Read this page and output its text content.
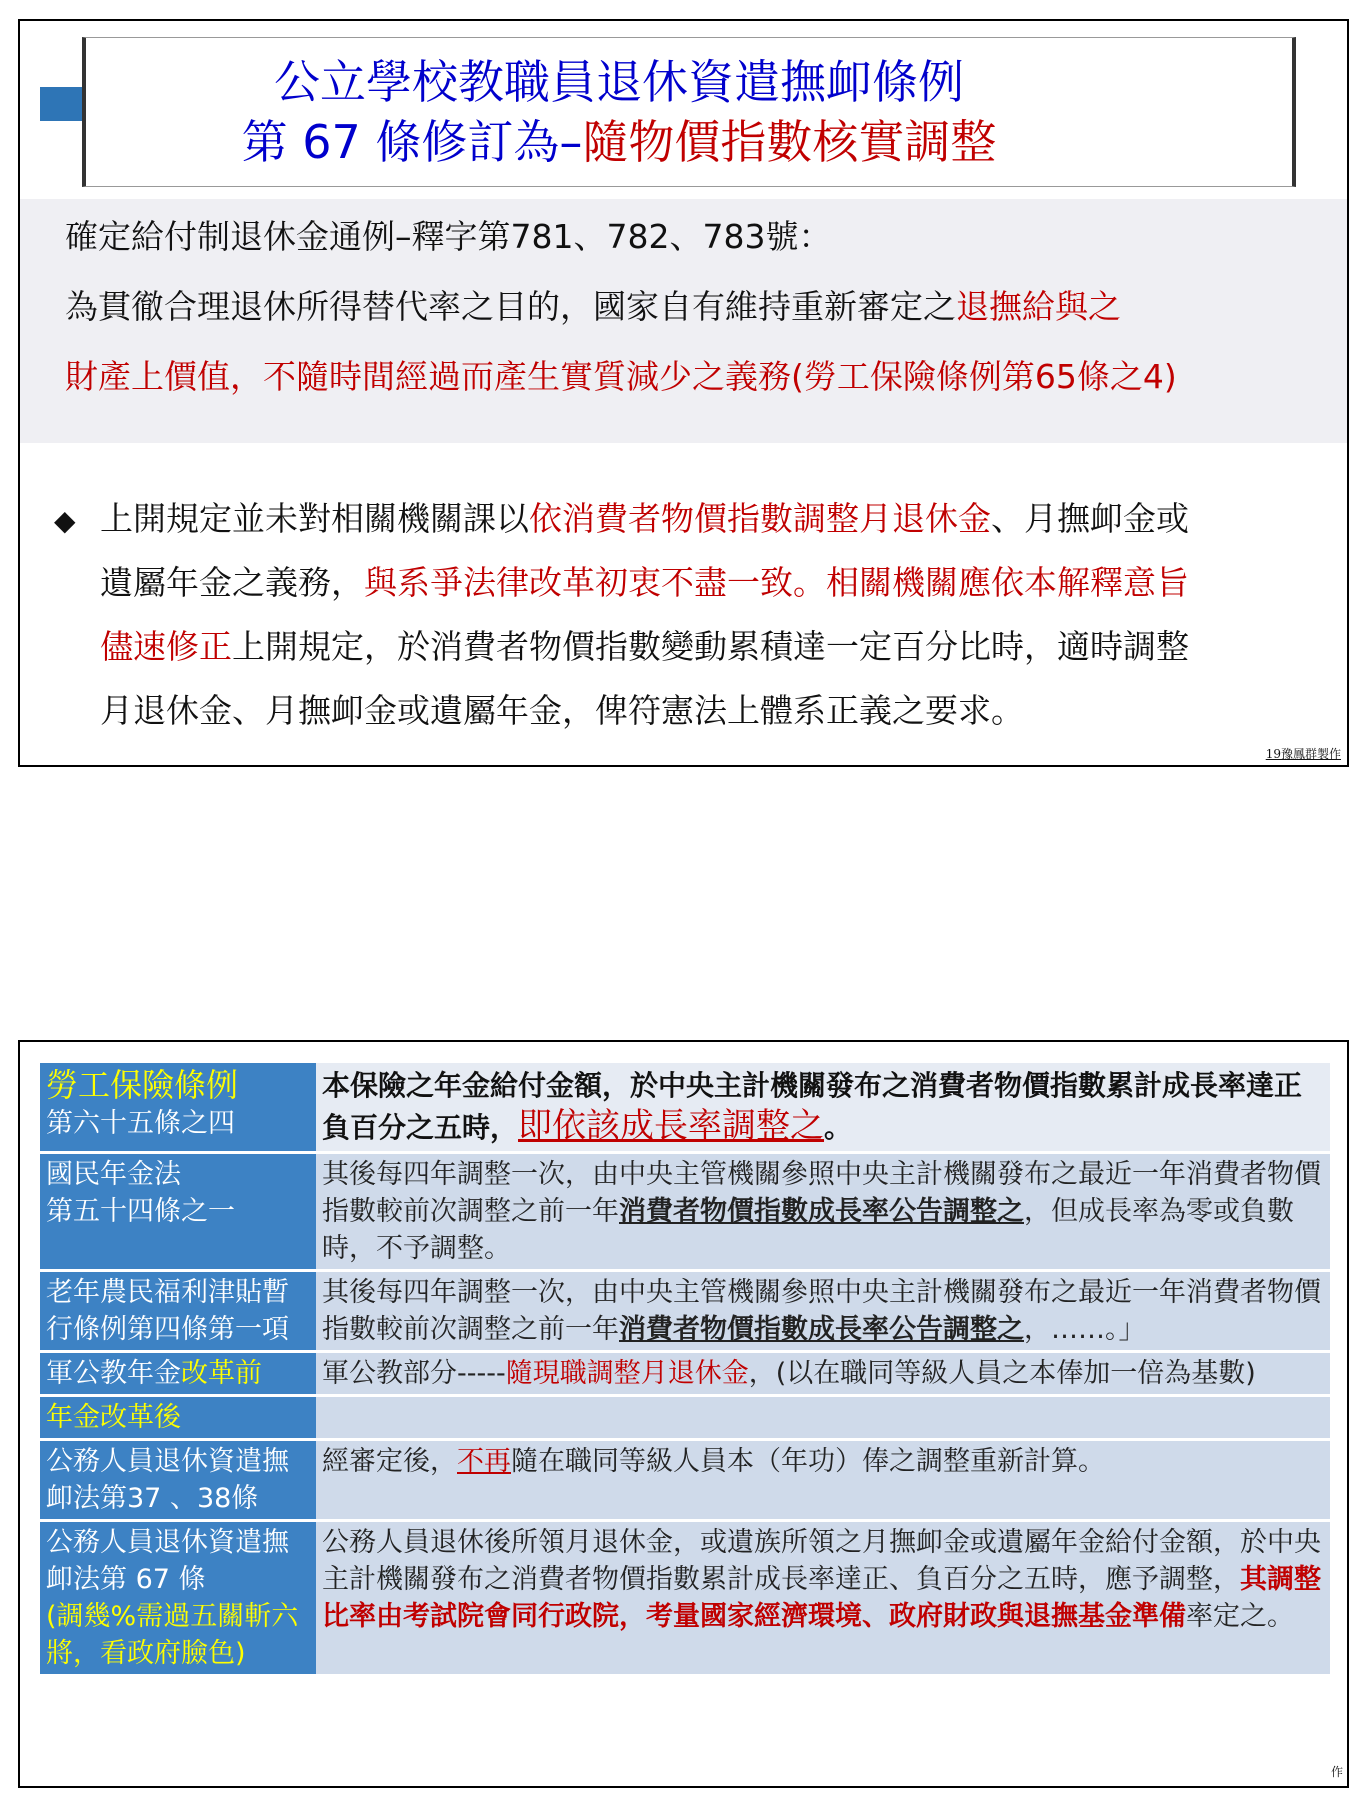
公立學校教職員退休資遣撫卹條例
第 67 條修訂為–隨物價指數核實調整
確定給付制退休金通例–釋字第781、782、783號：
為貫徹合理退休所得替代率之目的，國家自有維持重新審定之退撫給與之
財產上價值，不隨時間經過而產生實質減少之義務(勞工保險條例第65條之4)
◆ 上開規定並未對相關機關課以依消費者物價指數調整月退休金、月撫卹金或
遺屬年金之義務，與系爭法律改革初衷不盡一致。相關機關應依本解釋意旨
儘速修正上開規定，於消費者物價指數變動累積達一定百分比時，適時調整
月退休金、月撫卹金或遺屬年金，俾符憲法上體系正義之要求。
19豫鳳群製作
勞工保險條例
第六十五條之四	本保險之年金給付金額，於中央主計機關發布之消費者物價指數累計成長率達正負百分之五時，即依該成長率調整之。

國民年金法
第五十四條之一	其後每四年調整一次，由中央主管機關參照中央主計機關發布之最近一年消費者物價指數較前次調整之前一年消費者物價指數成長率公告調整之，但成長率為零或負數時，不予調整。

老年農民福利津貼暫行條例第四條第一項	其後每四年調整一次，由中央主管機關參照中央主計機關發布之最近一年消費者物價指數較前次調整之前一年消費者物價指數成長率公告調整之，……。」
軍公教年金改革前	軍公教部分-----隨現職調整月退休金，(以在職同等級人員之本俸加一倍為基數)
年金改革後	
公務人員退休資遣撫卹法第37 、38條	經審定後，不再隨在職同等級人員本（年功）俸之調整重新計算。

公務人員退休資遣撫卹法第 67 條
(調幾%需過五關斬六將，看政府臉色)	公務人員退休後所領月退休金，或遺族所領之月撫卹金或遺屬年金給付金額，於中央主計機關發布之消費者物價指數累計成長率達正、負百分之五時，應予調整，其調整比率由考試院會同行政院，考量國家經濟環境、政府財政與退撫基金準備率定之。
作
